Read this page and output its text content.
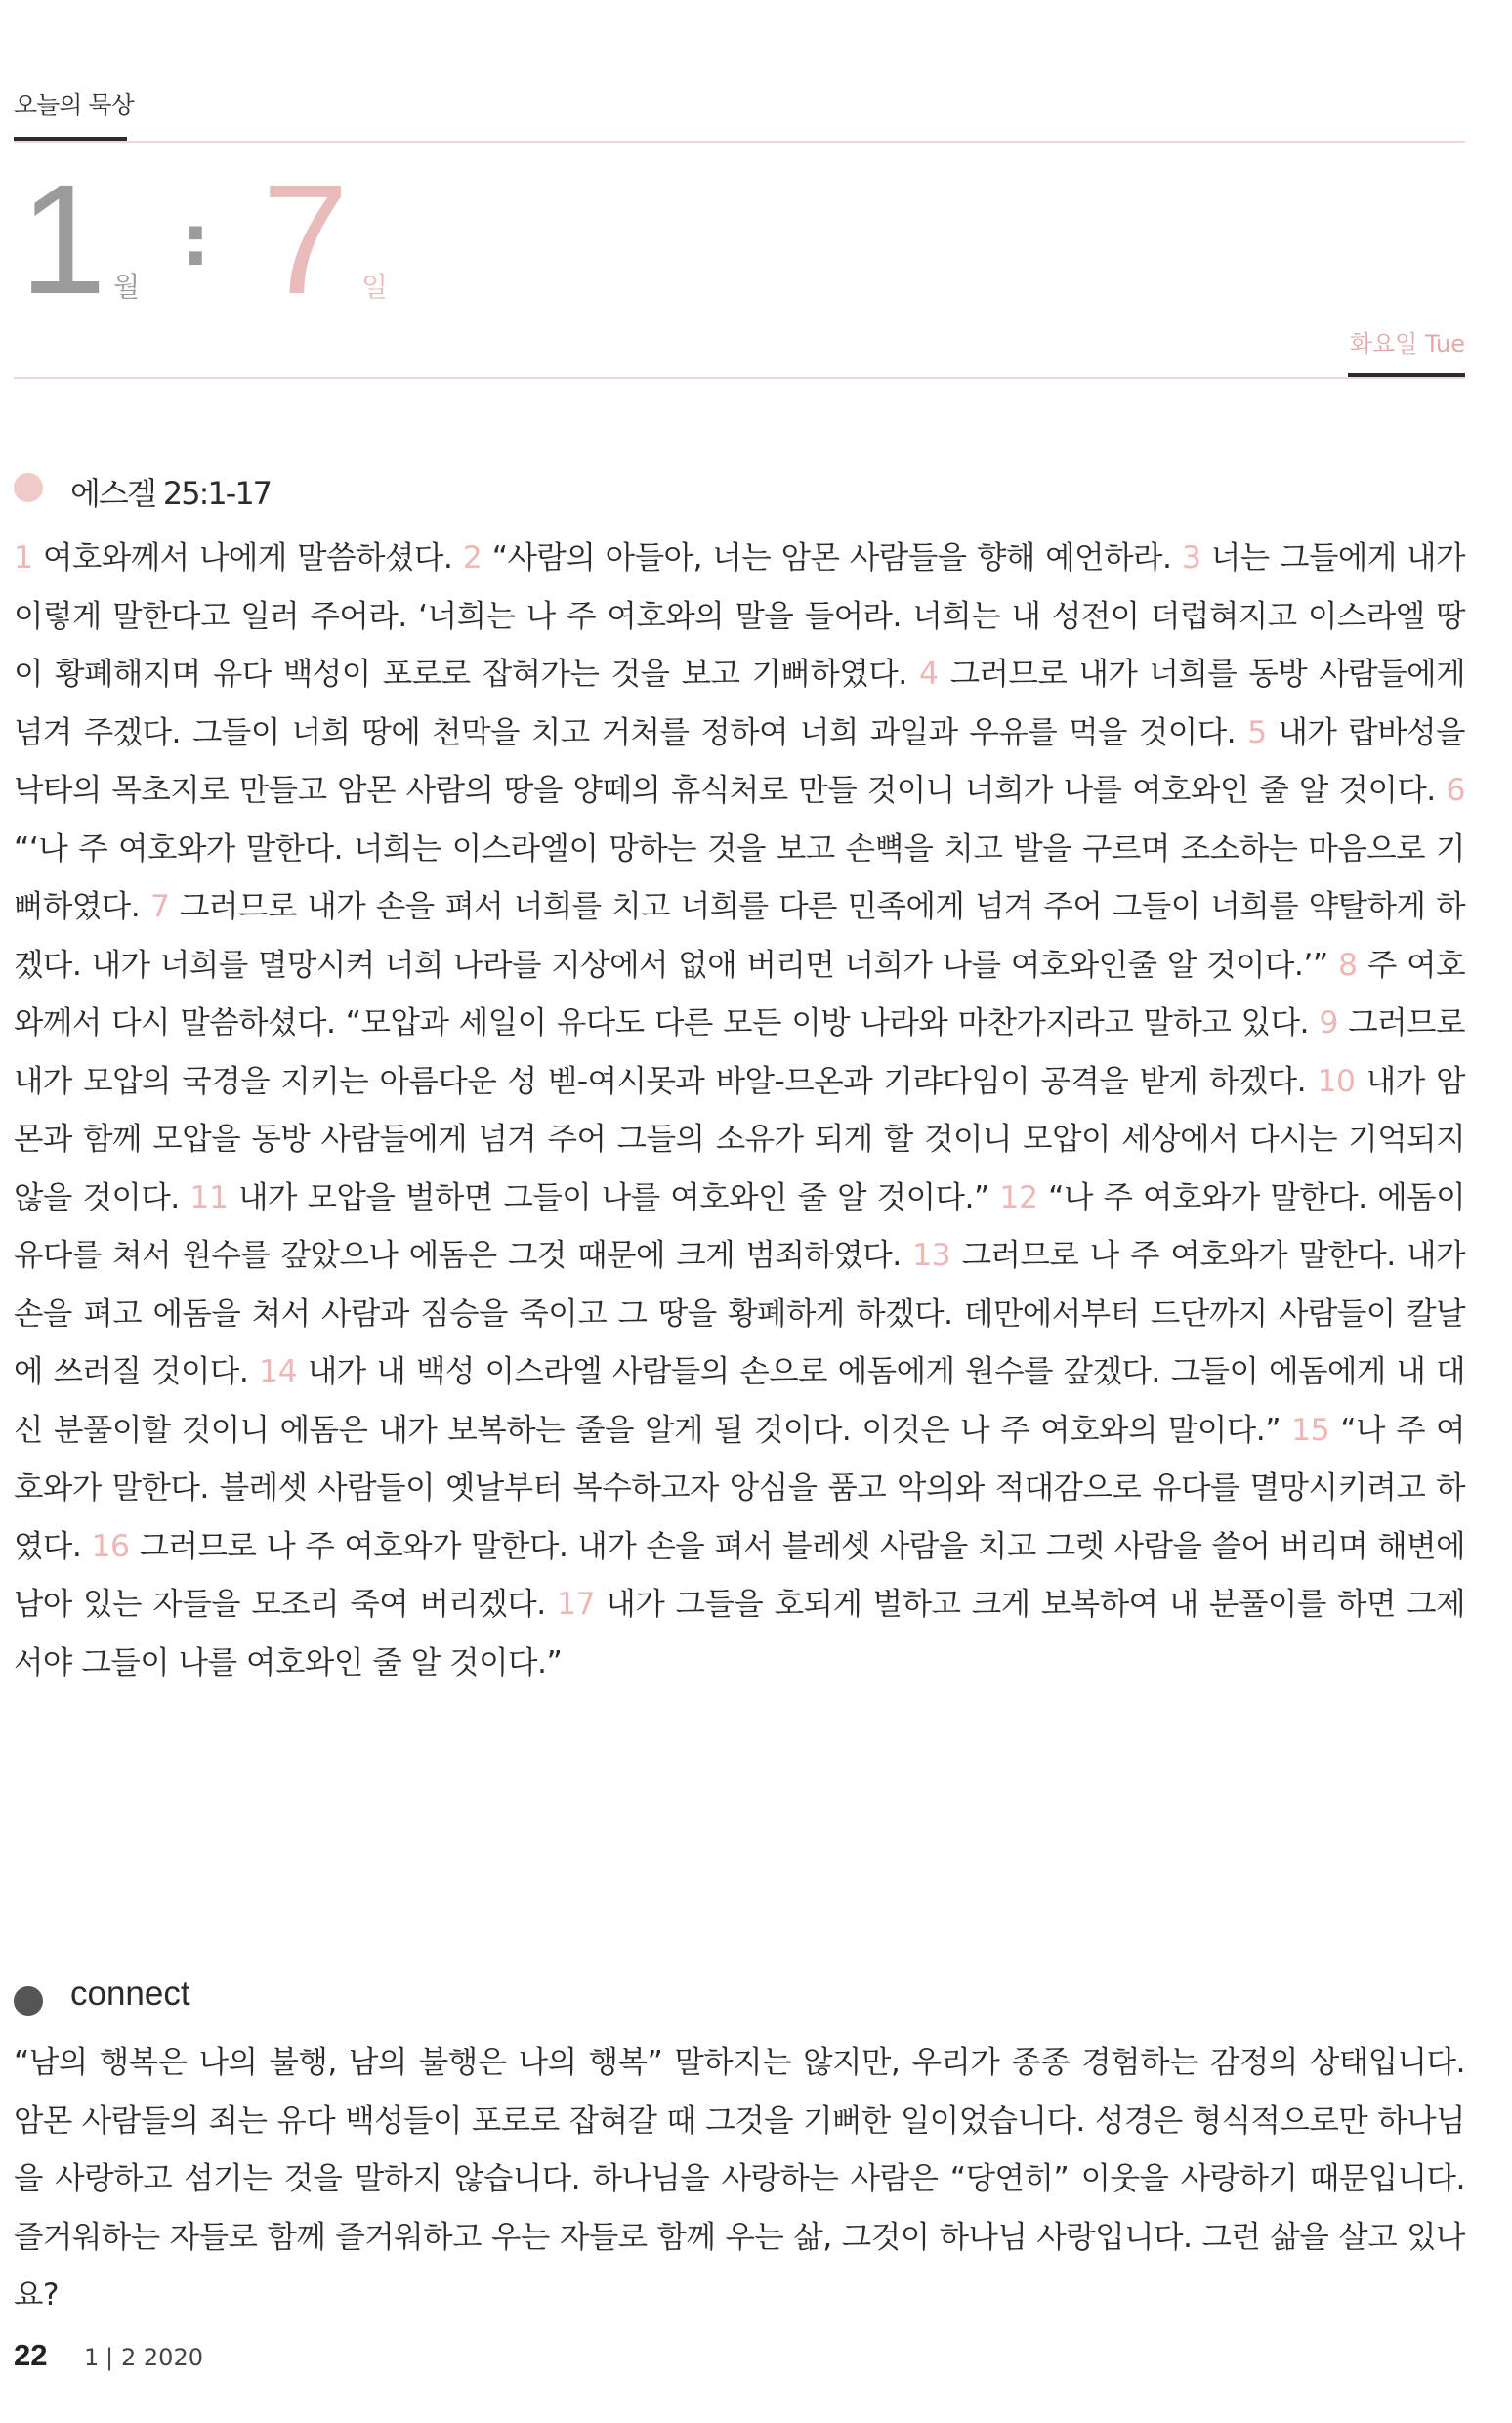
오늘의 묵상
1 월
: 7 일
화요일 Tue
에스겔 25:1-17
1 여호와께서 나에게 말씀하셨다. 2 “사람의 아들아, 너는 암몬 사람들을 향해 예언하라. 3 너는 그들에게 내가 이렇게 말한다고 일러 주어라. ‘너희는 나 주 여호와의 말을 들어라. 너희는 내 성전이 더럽혀지고 이스라엘 땅이 황폐해지며 유다 백성이 포로로 잡혀가는 것을 보고 기뻐하였다. 4 그러므로 내가 너희를 동방 사람들에게 넘겨 주겠다. 그들이 너희 땅에 천막을 치고 거처를 정하여 너희 과일과 우유를 먹을 것이다. 5 내가 랍바성을 낙타의 목초지로 만들고 암몬 사람의 땅을 양떼의 휴식처로 만들 것이니 너희가 나를 여호와인 줄 알 것이다. 6 “‘나 주 여호와가 말한다. 너희는 이스라엘이 망하는 것을 보고 손뼉을 치고 발을 구르며 조소하는 마음으로 기뻐하였다. 7 그러므로 내가 손을 펴서 너희를 치고 너희를 다른 민족에게 넘겨 주어 그들이 너희를 약탈하게 하겠다. 내가 너희를 멸망시켜 너희 나라를 지상에서 없애 버리면 너희가 나를 여호와인줄 알 것이다.’” 8 주 여호와께서 다시 말씀하셨다. “모압과 세일이 유다도 다른 모든 이방 나라와 마찬가지라고 말하고 있다. 9 그러므로 내가 모압의 국경을 지키는 아름다운 성 벧-여시못과 바알-므온과 기랴다임이 공격을 받게 하겠다. 10 내가 암몬과 함께 모압을 동방 사람들에게 넘겨 주어 그들의 소유가 되게 할 것이니 모압이 세상에서 다시는 기억되지 않을 것이다. 11 내가 모압을 벌하면 그들이 나를 여호와인 줄 알 것이다.” 12 “나 주 여호와가 말한다. 에돔이 유다를 쳐서 원수를 갚았으나 에돔은 그것 때문에 크게 범죄하였다. 13 그러므로 나 주 여호와가 말한다. 내가 손을 펴고 에돔을 쳐서 사람과 짐승을 죽이고 그 땅을 황폐하게 하겠다. 데만에서부터 드단까지 사람들이 칼날에 쓰러질 것이다. 14 내가 내 백성 이스라엘 사람들의 손으로 에돔에게 원수를 갚겠다. 그들이 에돔에게 내 대신 분풀이할 것이니 에돔은 내가 보복하는 줄을 알게 될 것이다. 이것은 나 주 여호와의 말이다.” 15 “나 주 여호와가 말한다. 블레셋 사람들이 옛날부터 복수하고자 앙심을 품고 악의와 적대감으로 유다를 멸망시키려고 하였다. 16 그러므로 나 주 여호와가 말한다. 내가 손을 펴서 블레셋 사람을 치고 그렛 사람을 쓸어 버리며 해변에 남아 있는 자들을 모조리 죽여 버리겠다. 17 내가 그들을 호되게 벌하고 크게 보복하여 내 분풀이를 하면 그제서야 그들이 나를 여호와인 줄 알 것이다.”
connect
“남의 행복은 나의 불행, 남의 불행은 나의 행복” 말하지는 않지만, 우리가 종종 경험하는 감정의 상태입니다. 암몬 사람들의 죄는 유다 백성들이 포로로 잡혀갈 때 그것을 기뻐한 일이었습니다. 성경은 형식적으로만 하나님을 사랑하고 섬기는 것을 말하지 않습니다. 하나님을 사랑하는 사람은 “당연히” 이웃을 사랑하기 때문입니다. 즐거워하는 자들로 함께 즐거워하고 우는 자들로 함께 우는 삶, 그것이 하나님 사랑입니다. 그런 삶을 살고 있나요?
22 1 | 2 2020
